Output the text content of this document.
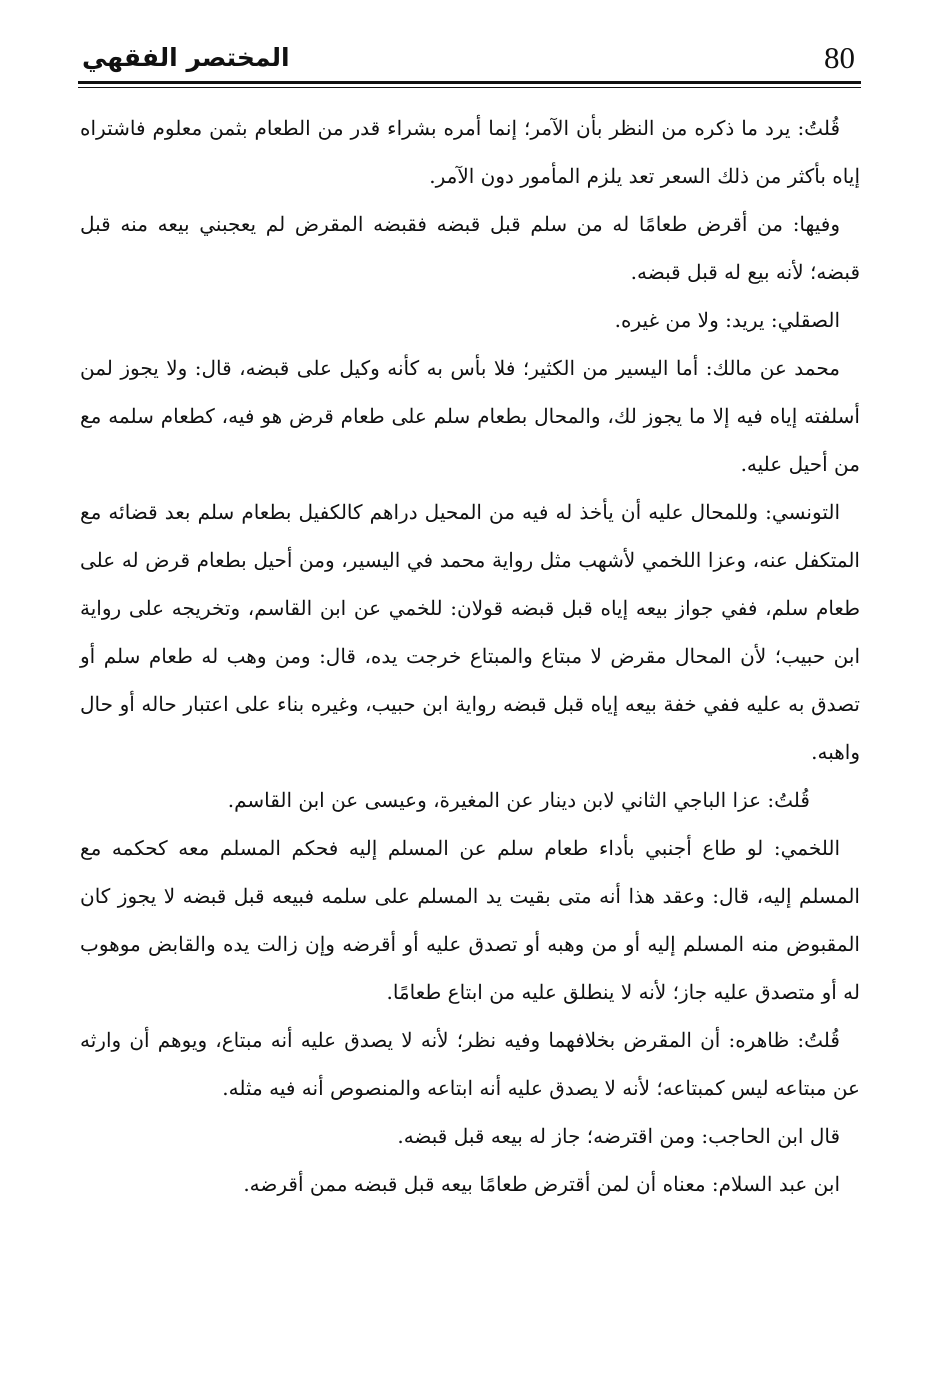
80
المختصر الفقهي

قُلتُ: يرد ما ذكره من النظر بأن الآمر؛ إنما أمره بشراء قدر من الطعام بثمن معلوم فاشتراه إياه بأكثر من ذلك السعر تعد يلزم المأمور دون الآمر.

وفيها: من أقرض طعامًا له من سلم قبل قبضه فقبضه المقرض لم يعجبني بيعه منه قبل قبضه؛ لأنه بيع له قبل قبضه.

الصقلي: يريد: ولا من غيره.

محمد عن مالك: أما اليسير من الكثير؛ فلا بأس به كأنه وكيل على قبضه، قال: ولا يجوز لمن أسلفته إياه فيه إلا ما يجوز لك، والمحال بطعام سلم على طعام قرض هو فيه، كطعام سلمه مع من أحيل عليه.

التونسي: وللمحال عليه أن يأخذ له فيه من المحيل دراهم كالكفيل بطعام سلم بعد قضائه مع المتكفل عنه، وعزا اللخمي لأشهب مثل رواية محمد في اليسير، ومن أحيل بطعام قرض له على طعام سلم، ففي جواز بيعه إياه قبل قبضه قولان: للخمي عن ابن القاسم، وتخريجه على رواية ابن حبيب؛ لأن المحال مقرض لا مبتاع والمبتاع خرجت يده، قال: ومن وهب له طعام سلم أو تصدق به عليه ففي خفة بيعه إياه قبل قبضه رواية ابن حبيب، وغيره بناء على اعتبار حاله أو حال واهبه.

قُلتُ: عزا الباجي الثاني لابن دينار عن المغيرة، وعيسى عن ابن القاسم.

اللخمي: لو طاع أجنبي بأداء طعام سلم عن المسلم إليه فحكم المسلم معه كحكمه مع المسلم إليه، قال: وعقد هذا أنه متى بقيت يد المسلم على سلمه فبيعه قبل قبضه لا يجوز كان المقبوض منه المسلم إليه أو من وهبه أو تصدق عليه أو أقرضه وإن زالت يده والقابض موهوب له أو متصدق عليه جاز؛ لأنه لا ينطلق عليه من ابتاع طعامًا.

قُلتُ: ظاهره: أن المقرض بخلافهما وفيه نظر؛ لأنه لا يصدق عليه أنه مبتاع، ويوهم أن وارثه عن مبتاعه ليس كمبتاعه؛ لأنه لا يصدق عليه أنه ابتاعه والمنصوص أنه فيه مثله.

قال ابن الحاجب: ومن اقترضه؛ جاز له بيعه قبل قبضه.

ابن عبد السلام: معناه أن لمن أقترض طعامًا بيعه قبل قبضه ممن أقرضه.
